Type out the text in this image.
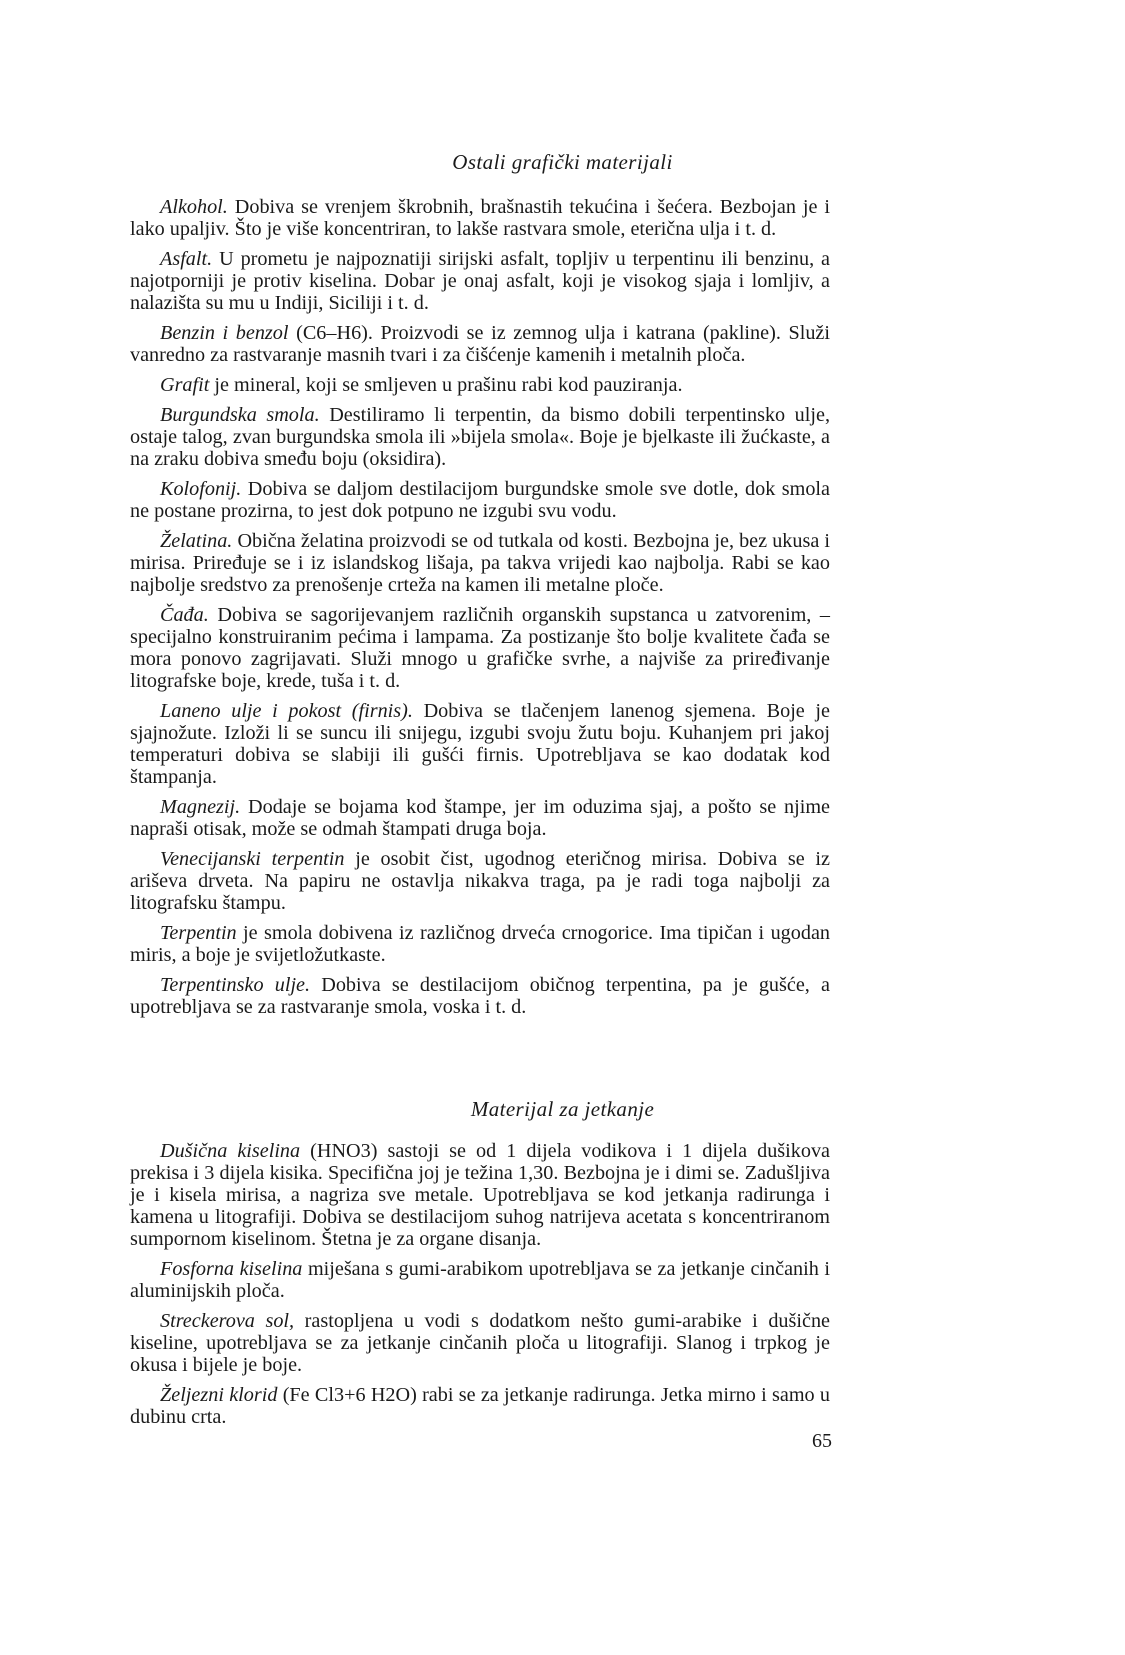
Ostali grafički materijali

Alkohol. Dobiva se vrenjem škrobnih, brašnastih tekućina i šećera. Bezbojan je i lako upaljiv. Što je više koncentriran, to lakše rastvara smole, eterična ulja i t. d.

Asfalt. U prometu je najpoznatiji sirijski asfalt, topljiv u terpentinu ili benzinu, a najotporniji je protiv kiselina. Dobar je onaj asfalt, koji je visokog sjaja i lomljiv, a nalazišta su mu u Indiji, Siciliji i t. d.

Benzin i benzol (C6–H6). Proizvodi se iz zemnog ulja i katrana (pakline). Služi vanredno za rastvaranje masnih tvari i za čišćenje kamenih i metalnih ploča.

Grafit je mineral, koji se smljeven u prašinu rabi kod pauziranja.

Burgundska smola. Destiliramo li terpentin, da bismo dobili terpentinsko ulje, ostaje talog, zvan burgundska smola ili »bijela smola«. Boje je bjelkaste ili žućkaste, a na zraku dobiva smeđu boju (oksidira).

Kolofonij. Dobiva se daljom destilacijom burgundske smole sve dotle, dok smola ne postane prozirna, to jest dok potpuno ne izgubi svu vodu.

Želatina. Obična želatina proizvodi se od tutkala od kosti. Bezbojna je, bez ukusa i mirisa. Priređuje se i iz islandskog lišaja, pa takva vrijedi kao najbolja. Rabi se kao najbolje sredstvo za prenošenje crteža na kamen ili metalne ploče.

Čađa. Dobiva se sagorijevanjem različnih organskih supstanca u zatvorenim, – specijalno konstruiranim pećima i lampama. Za postizanje što bolje kvalitete čađa se mora ponovo zagrijavati. Služi mnogo u grafičke svrhe, a najviše za priređivanje litografske boje, krede, tuša i t. d.

Laneno ulje i pokost (firnis). Dobiva se tlačenjem lanenog sjemena. Boje je sjajnožute. Izloži li se suncu ili snijegu, izgubi svoju žutu boju. Kuhanjem pri jakoj temperaturi dobiva se slabiji ili gušći firnis. Upotrebljava se kao dodatak kod štampanja.

Magnezij. Dodaje se bojama kod štampe, jer im oduzima sjaj, a pošto se njime napraši otisak, može se odmah štampati druga boja.

Venecijanski terpentin je osobit čist, ugodnog eteričnog mirisa. Dobiva se iz ariševa drveta. Na papiru ne ostavlja nikakva traga, pa je radi toga najbolji za litografsku štampu.

Terpentin je smola dobivena iz različnog drveća crnogorice. Ima tipičan i ugodan miris, a boje je svijetložutkaste.

Terpentinsko ulje. Dobiva se destilacijom običnog terpentina, pa je gušće, a upotrebljava se za rastvaranje smola, voska i t. d.

Materijal za jetkanje

Dušična kiselina (HNO3) sastoji se od 1 dijela vodikova i 1 dijela dušikova prekisa i 3 dijela kisika. Specifična joj je težina 1,30. Bezbojna je i dimi se. Zadušljiva je i kisela mirisa, a nagriza sve metale. Upotrebljava se kod jetkanja radirunga i kamena u litografiji. Dobiva se destilacijom suhog natrijeva acetata s koncentriranom sumpornom kiselinom. Štetna je za organe disanja.

Fosforna kiselina miješana s gumi-arabikom upotrebljava se za jetkanje cinčanih i aluminijskih ploča.

Streckerova sol, rastopljena u vodi s dodatkom nešto gumi-arabike i dušične kiseline, upotrebljava se za jetkanje cinčanih ploča u litografiji. Slanog i trpkog je okusa i bijele je boje.

Željezni klorid (Fe Cl3+6 H2O) rabi se za jetkanje radirunga. Jetka mirno i samo u dubinu crta.

65
